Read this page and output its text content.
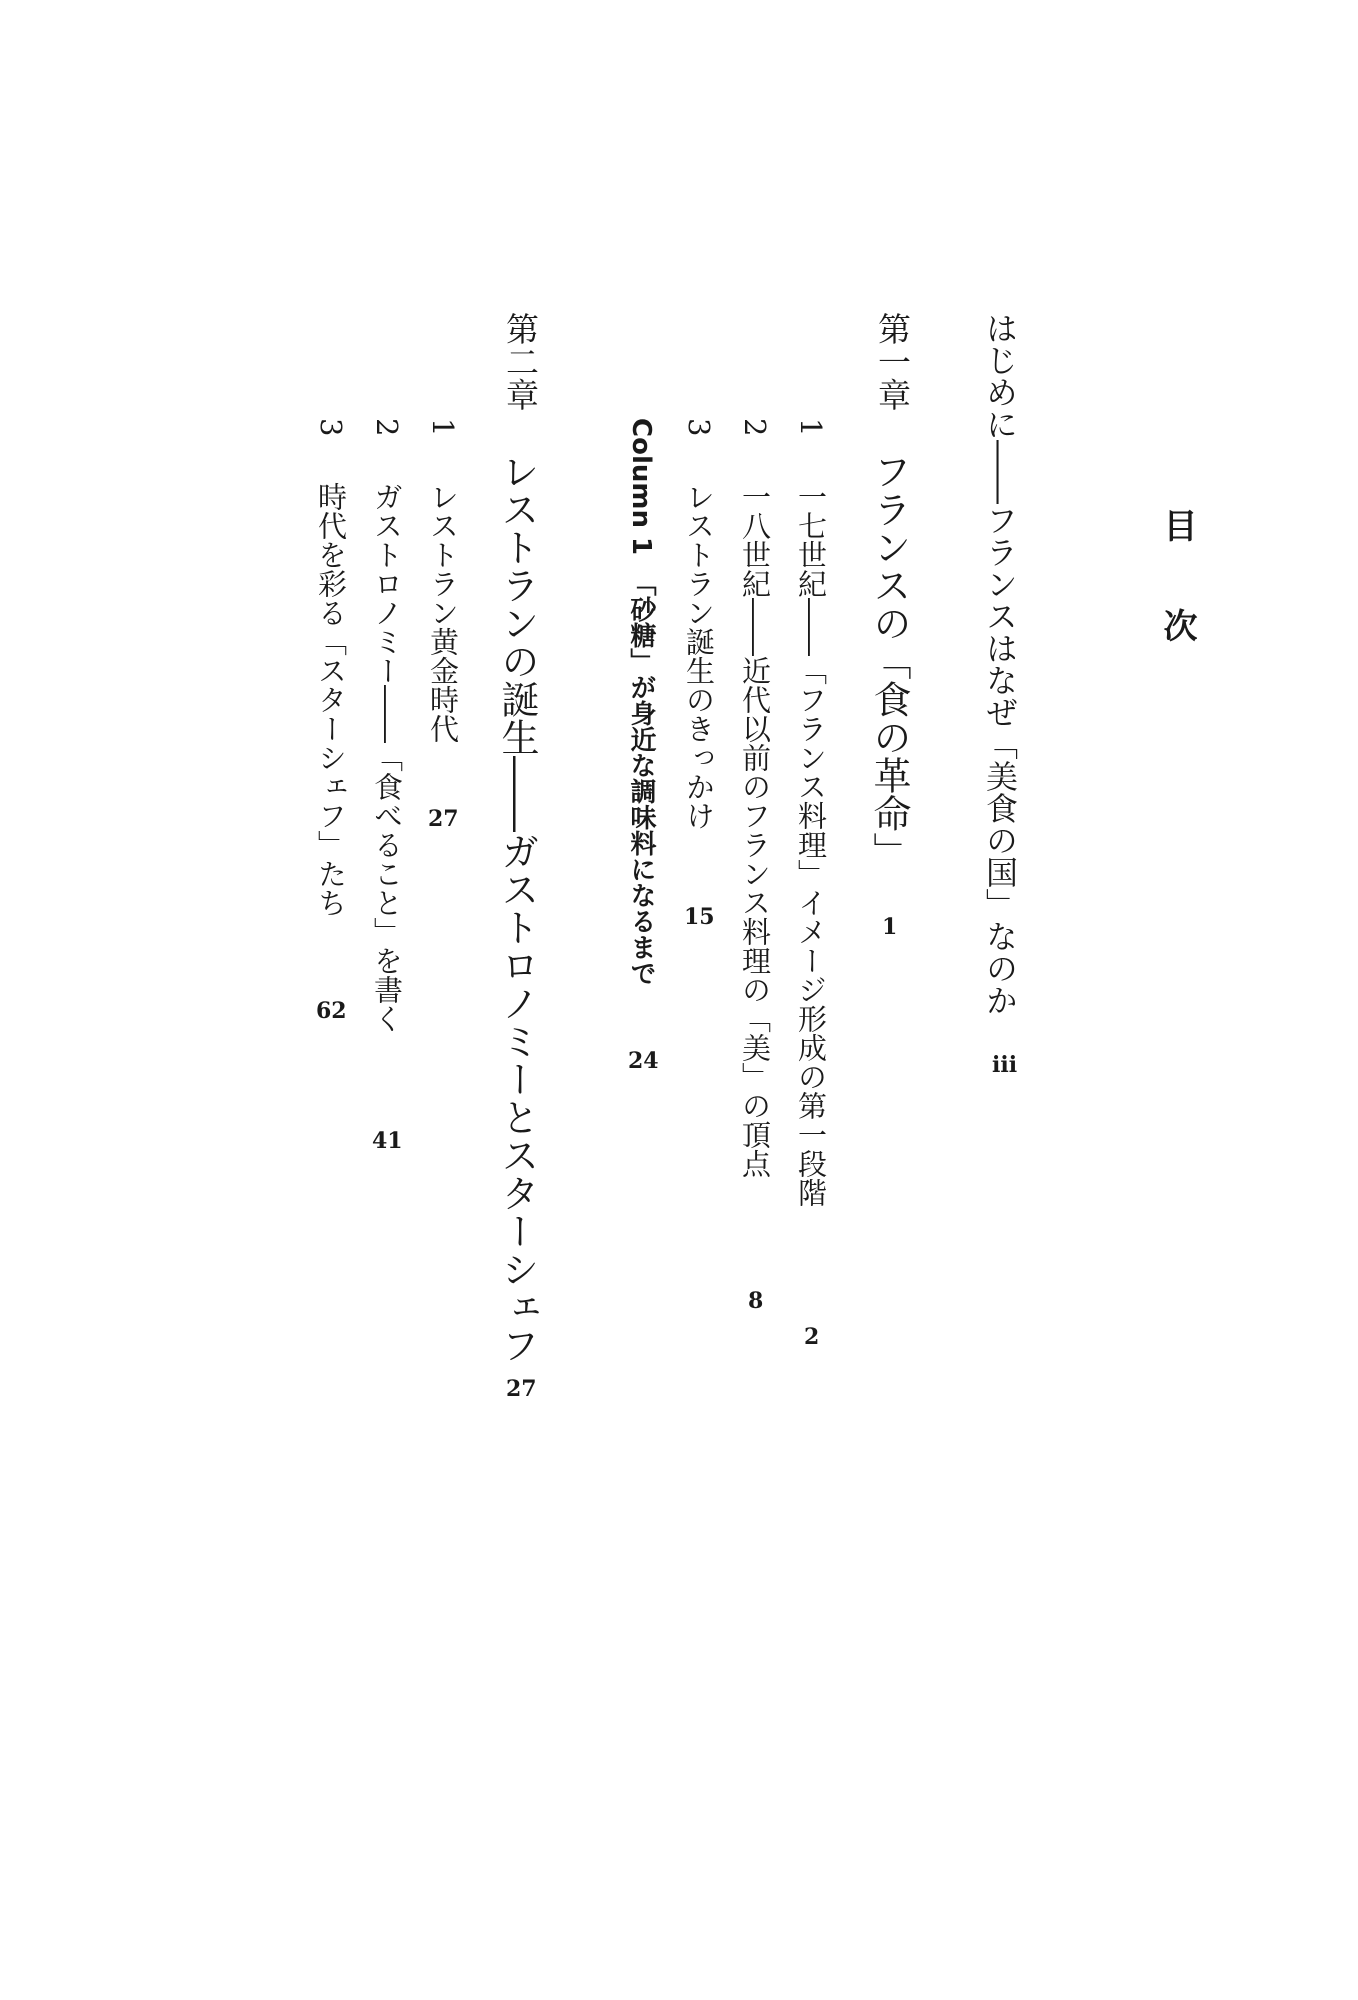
目次
はじめに――フランスはなぜ「美食の国」なのか
iii
第一章
フランスの「食の革命」
1
1
一七世紀――「フランス料理」イメージ形成の第一段階
2
2
一八世紀――近代以前のフランス料理の「美」の頂点
8
3
レストラン誕生のきっかけ
15
Column 1
「砂糖」が身近な調味料になるまで
24
第二章
レストランの誕生――ガストロノミーとスターシェフ
27
1
レストラン黄金時代
27
2
ガストロノミー――「食べること」を書く
41
3
時代を彩る「スターシェフ」たち
62
